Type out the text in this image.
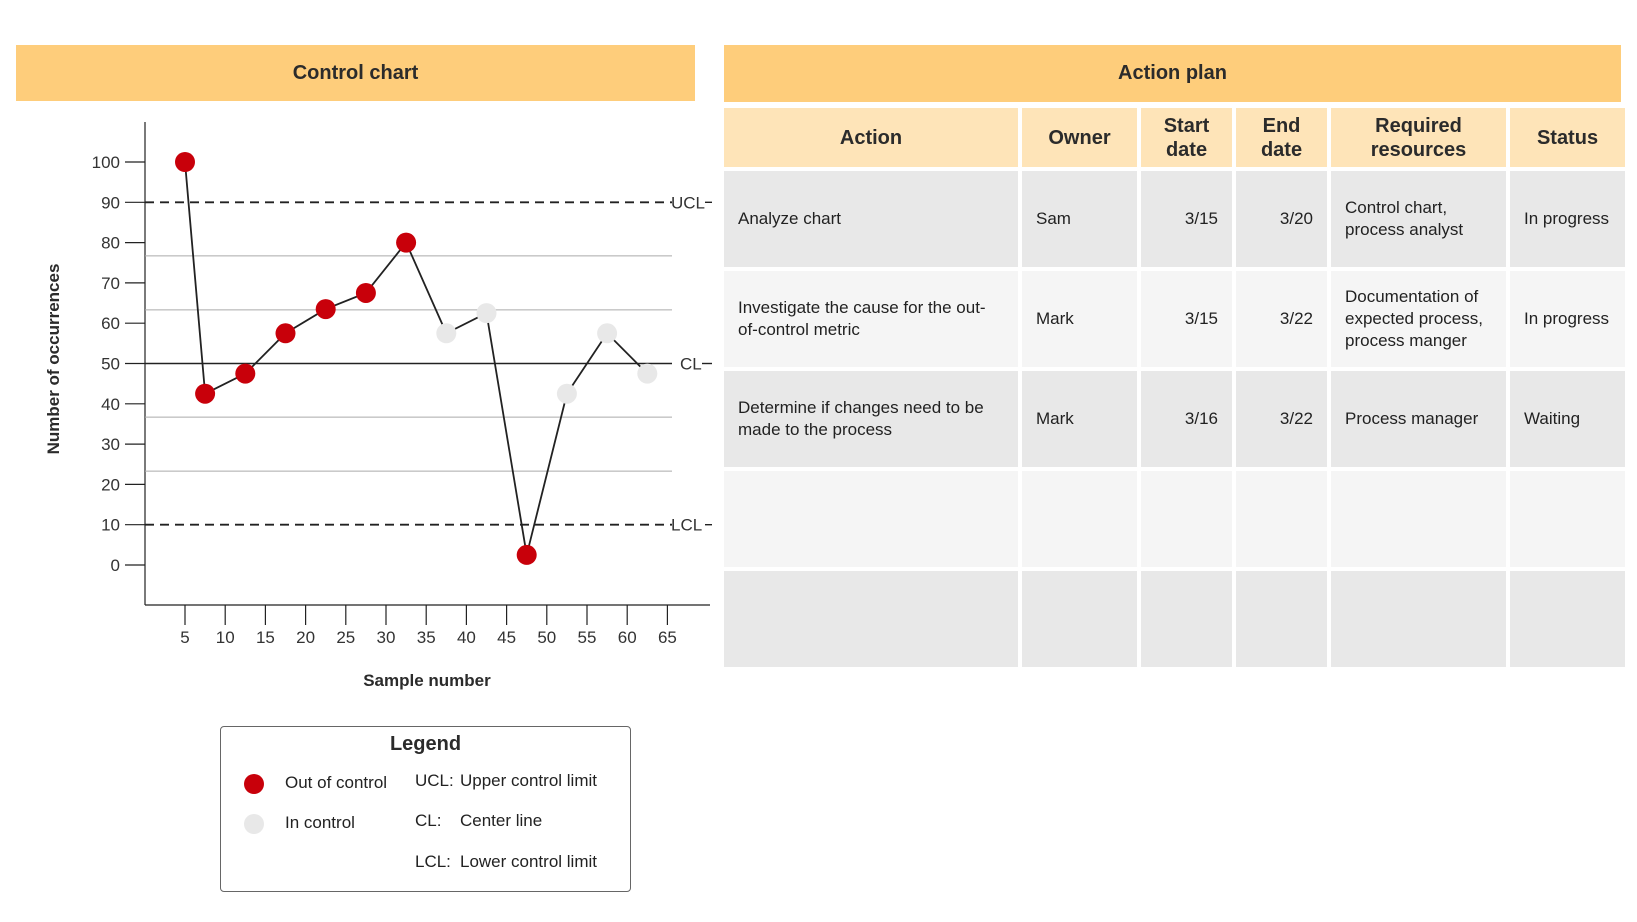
Control chart	Action plan
UCL
CL
LCL
0
10
20
30
40
50
60
70
80
90
100
5 10 15 20 25 30 35 40 45 50 55 60 65
Sample number
Number of occurrences
Action	Owner	Start date	End date	Required resources	Status
Analyze chart	Sam	3/15	3/20	Control chart, process analyst	In progress
Investigate the cause for the out-of-control metric	Mark	3/15	3/22	Documentation of expected process, process manger	In progress
Determine if changes need to be made to the process	Mark	3/16	3/22	Process manager	Waiting

Legend
Out of control
In control
UCL: Upper control limit
CL: Center line
LCL: Lower control limit
